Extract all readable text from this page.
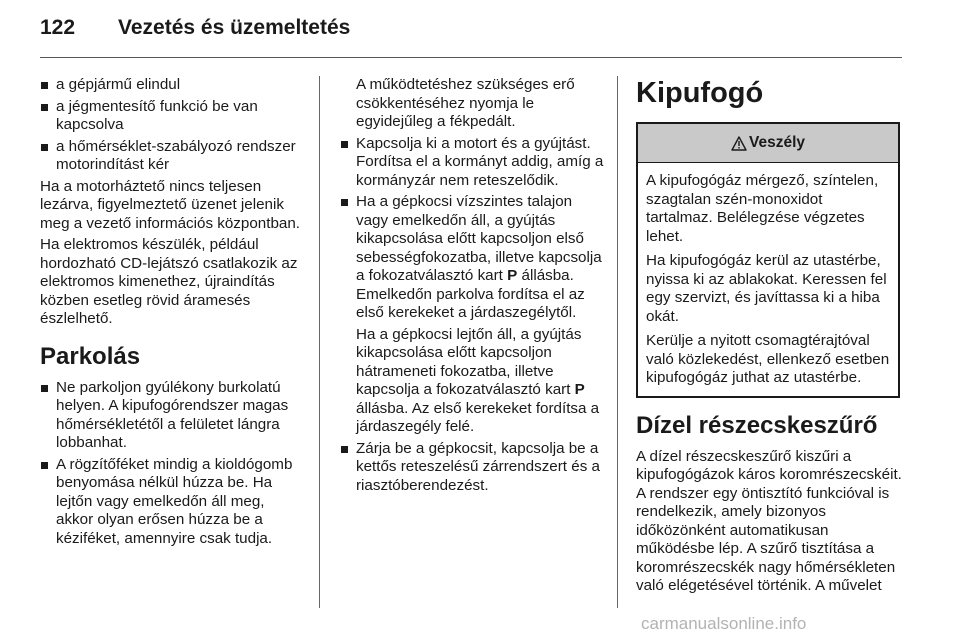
122 Vezetés és üzemeltetés
a gépjármű elindul
a jégmentesítő funkció be van kapcsolva
a hőmérséklet-szabályozó rendszer motorindítást kér

Ha a motorháztető nincs teljesen lezárva, figyelmeztető üzenet jelenik meg a vezető információs központban.

Ha elektromos készülék, például hordozható CD-lejátszó csatlakozik az elektromos kimenethez, újraindítás közben esetleg rövid áramesés észlelhető.

Parkolás
Ne parkoljon gyúlékony burkolatú helyen. A kipufogórendszer magas hőmérsékletétől a felületet lángra lobbanhat.
A rögzítőféket mindig a kioldógomb benyomása nélkül húzza be. Ha lejtőn vagy emelkedőn áll meg, akkor olyan erősen húzza be a kéziféket, amennyire csak tudja.

A működtetéshez szükséges erő csökkentéséhez nyomja le egyidejűleg a fékpedált.

Kapcsolja ki a motort és a gyújtást. Fordítsa el a kormányt addig, amíg a kormányzár nem reteszelődik.
Ha a gépkocsi vízszintes talajon vagy emelkedőn áll, a gyújtás kikapcsolása előtt kapcsoljon első sebességfokozatba, illetve kapcsolja a fokozatválasztó kart P állásba. Emelkedőn parkolva fordítsa el az első kerekeket a járdaszegélytől.

Ha a gépkocsi lejtőn áll, a gyújtás kikapcsolása előtt kapcsoljon hátrameneti fokozatba, illetve kapcsolja a fokozatválasztó kart P állásba. Az első kerekeket fordítsa a járdaszegély felé.

Zárja be a gépkocsit, kapcsolja be a kettős reteszelésű zárrendszert és a riasztóberendezést.
Kipufogó
Veszély

A kipufogógáz mérgező, színtelen, szagtalan szén-monoxidot tartalmaz. Belélegzése végzetes lehet.

Ha kipufogógáz kerül az utastérbe, nyissa ki az ablakokat. Keressen fel egy szervizt, és javíttassa ki a hiba okát.

Kerülje a nyitott csomagtérajtóval való közlekedést, ellenkező esetben kipufogógáz juthat az utastérbe.

Dízel részecskeszűrő

A dízel részecskeszűrő kiszűri a kipufogógázok káros koromrészecskéit. A rendszer egy öntisztító funkcióval is rendelkezik, amely bizonyos időközönként automatikusan működésbe lép. A szűrő tisztítása a koromrészecskék nagy hőmérsékleten való elégetésével történik. A művelet

carmanualsonline.info
